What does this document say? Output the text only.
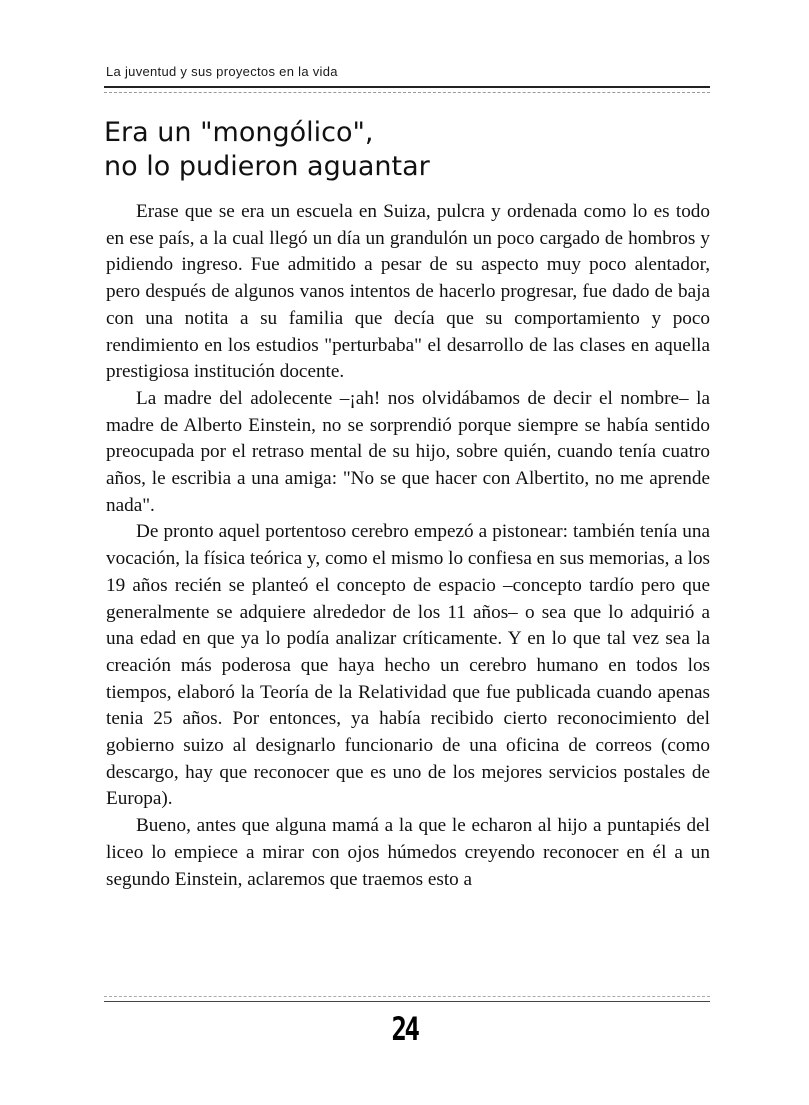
La juventud y sus proyectos en la vida
Era un "mongólico",
no lo pudieron aguantar

Erase que se era un escuela en Suiza, pulcra y ordenada como lo es todo en ese país, a la cual llegó un día un grandulón un poco cargado de hombros y pidiendo ingreso. Fue admitido a pesar de su aspecto muy poco alentador, pero después de algunos vanos intentos de hacerlo progresar, fue dado de baja con una notita a su familia que decía que su comportamiento y poco rendimiento en los estudios "perturbaba" el desarrollo de las clases en aquella prestigiosa institución docente.

La madre del adolecente –¡ah! nos olvidábamos de decir el nombre– la madre de Alberto Einstein, no se sorprendió porque siempre se había sentido preocupada por el retraso mental de su hijo, sobre quién, cuando tenía cuatro años, le escribia a una amiga: "No se que hacer con Albertito, no me aprende nada".

De pronto aquel portentoso cerebro empezó a pistonear: también tenía una vocación, la física teórica y, como el mismo lo confiesa en sus memorias, a los 19 años recién se planteó el concepto de espacio –concepto tardío pero que generalmente se adquiere alrededor de los 11 años– o sea que lo adquirió a una edad en que ya lo podía analizar críticamente. Y en lo que tal vez sea la creación más poderosa que haya hecho un cerebro humano en todos los tiempos, elaboró la Teoría de la Relatividad que fue publicada cuando apenas tenia 25 años. Por entonces, ya había recibido cierto reconocimiento del gobierno suizo al designarlo funcionario de una oficina de correos (como descargo, hay que reconocer que es uno de los mejores servicios postales de Europa).

Bueno, antes que alguna mamá a la que le echaron al hijo a puntapiés del liceo lo empiece a mirar con ojos húmedos creyendo reconocer en él a un segundo Einstein, aclaremos que traemos esto a

24
